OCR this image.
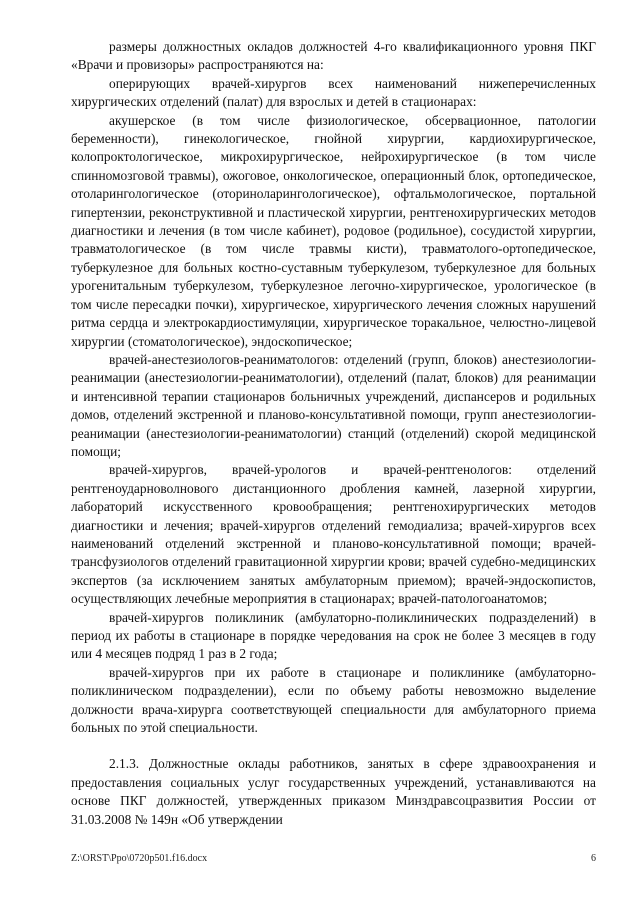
размеры должностных окладов должностей 4-го квалификационного уровня ПКГ «Врачи и провизоры» распространяются на:

оперирующих врачей-хирургов всех наименований нижеперечисленных хирургических отделений (палат) для взрослых и детей в стационарах:

акушерское (в том числе физиологическое, обсервационное, патологии беременности), гинекологическое, гнойной хирургии, кардиохирургическое, колопроктологическое, микрохирургическое, нейрохирургическое (в том числе спинномозговой травмы), ожоговое, онкологическое, операционный блок, ортопедическое, отоларингологическое (оториноларингологическое), офтальмологическое, портальной гипертензии, реконструктивной и пластической хирургии, рентгенохирургических методов диагностики и лечения (в том числе кабинет), родовое (родильное), сосудистой хирургии, травматологическое (в том числе травмы кисти), травматолого-ортопедическое, туберкулезное для больных костно-суставным туберкулезом, туберкулезное для больных урогенитальным туберкулезом, туберкулезное легочно-хирургическое, урологическое (в том числе пересадки почки), хирургическое, хирургического лечения сложных нарушений ритма сердца и электрокардиостимуляции, хирургическое торакальное, челюстно-лицевой хирургии (стоматологическое), эндоскопическое;

врачей-анестезиологов-реаниматологов: отделений (групп, блоков) анестезиологии-реанимации (анестезиологии-реаниматологии), отделений (палат, блоков) для реанимации и интенсивной терапии стационаров больничных учреждений, диспансеров и родильных домов, отделений экстренной и планово-консультативной помощи, групп анестезиологии-реанимации (анестезиологии-реаниматологии) станций (отделений) скорой медицинской помощи;

врачей-хирургов, врачей-урологов и врачей-рентгенологов: отделений рентгеноударноволнового дистанционного дробления камней, лазерной хирургии, лабораторий искусственного кровообращения; рентгенохирургических методов диагностики и лечения; врачей-хирургов отделений гемодиализа; врачей-хирургов всех наименований отделений экстренной и планово-консультативной помощи; врачей-трансфузиологов отделений гравитационной хирургии крови; врачей судебно-медицинских экспертов (за исключением занятых амбулаторным приемом); врачей-эндоскопистов, осуществляющих лечебные мероприятия в стационарах; врачей-патологоанатомов;

врачей-хирургов поликлиник (амбулаторно-поликлинических подразделений) в период их работы в стационаре в порядке чередования на срок не более 3 месяцев в году или 4 месяцев подряд 1 раз в 2 года;

врачей-хирургов при их работе в стационаре и поликлинике (амбулаторно-поликлиническом подразделении), если по объему работы невозможно выделение должности врача-хирурга соответствующей специальности для амбулаторного приема больных по этой специальности.

2.1.3. Должностные оклады работников, занятых в сфере здравоохранения и предоставления социальных услуг государственных учреждений, устанавливаются на основе ПКГ должностей, утвержденных приказом Минздравсоцразвития России от 31.03.2008 № 149н «Об утверждении

Z:\ORST\Ppo\0720p501.f16.docx	6
